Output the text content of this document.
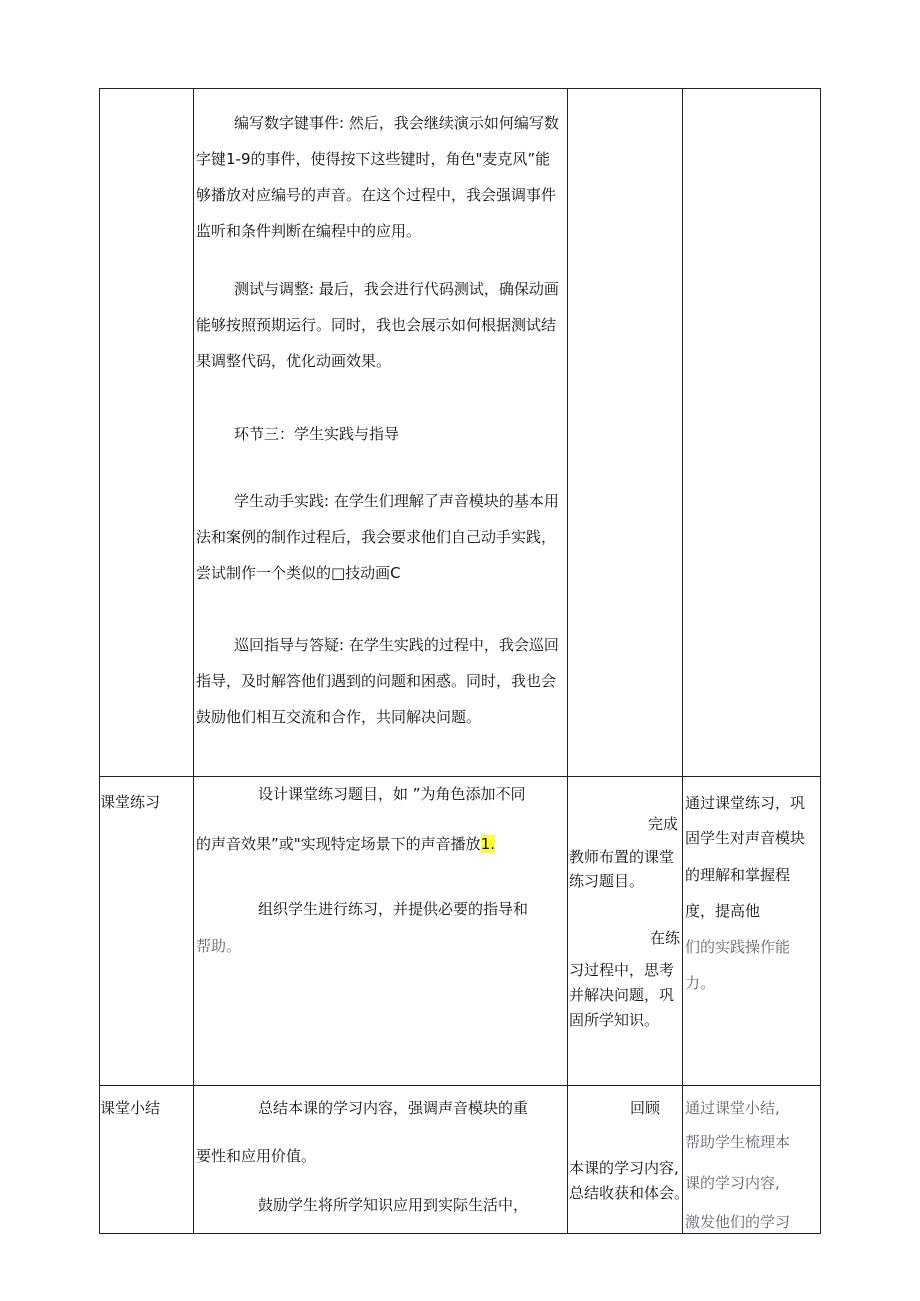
编写数字键事件: 然后，我会继续演示如何编写数
字键1-9的事件，使得按下这些键时，角色"麦克风”能
够播放对应编号的声音。在这个过程中，我会强调事件
监听和条件判断在编程中的应用。
测试与调整: 最后，我会进行代码测试，确保动画
能够按照预期运行。同时，我也会展示如何根据测试结
果调整代码，优化动画效果。
环节三：学生实践与指导
学生动手实践: 在学生们理解了声音模块的基本用
法和案例的制作过程后，我会要求他们自己动手实践，
尝试制作一个类似的□技动画C
巡回指导与答疑: 在学生实践的过程中，我会巡回
指导，及时解答他们遇到的问题和困惑。同时，我也会
鼓励他们相互交流和合作，共同解决问题。
课堂练习	设计课堂练习题目，如 ”为角色添加不同
的声音效果”或"实现特定场景下的声音播放1.
组织学生进行练习，并提供必要的指导和
帮助。
完成
教师布置的课堂
练习题目。
在练
习过程中，思考
并解决问题，巩
固所学知识。
通过课堂练习，巩
固学生对声音模块
的理解和掌握程
度，提高他
们的实践操作能
力。
课堂小结	总结本课的学习内容，强调声音模块的重
要性和应用价值。
鼓励学生将所学知识应用到实际生活中，
回顾
本课的学习内容,
总结收获和体会。
通过课堂小结,
帮助学生梳理本
课的学习内容,
激发他们的学习
